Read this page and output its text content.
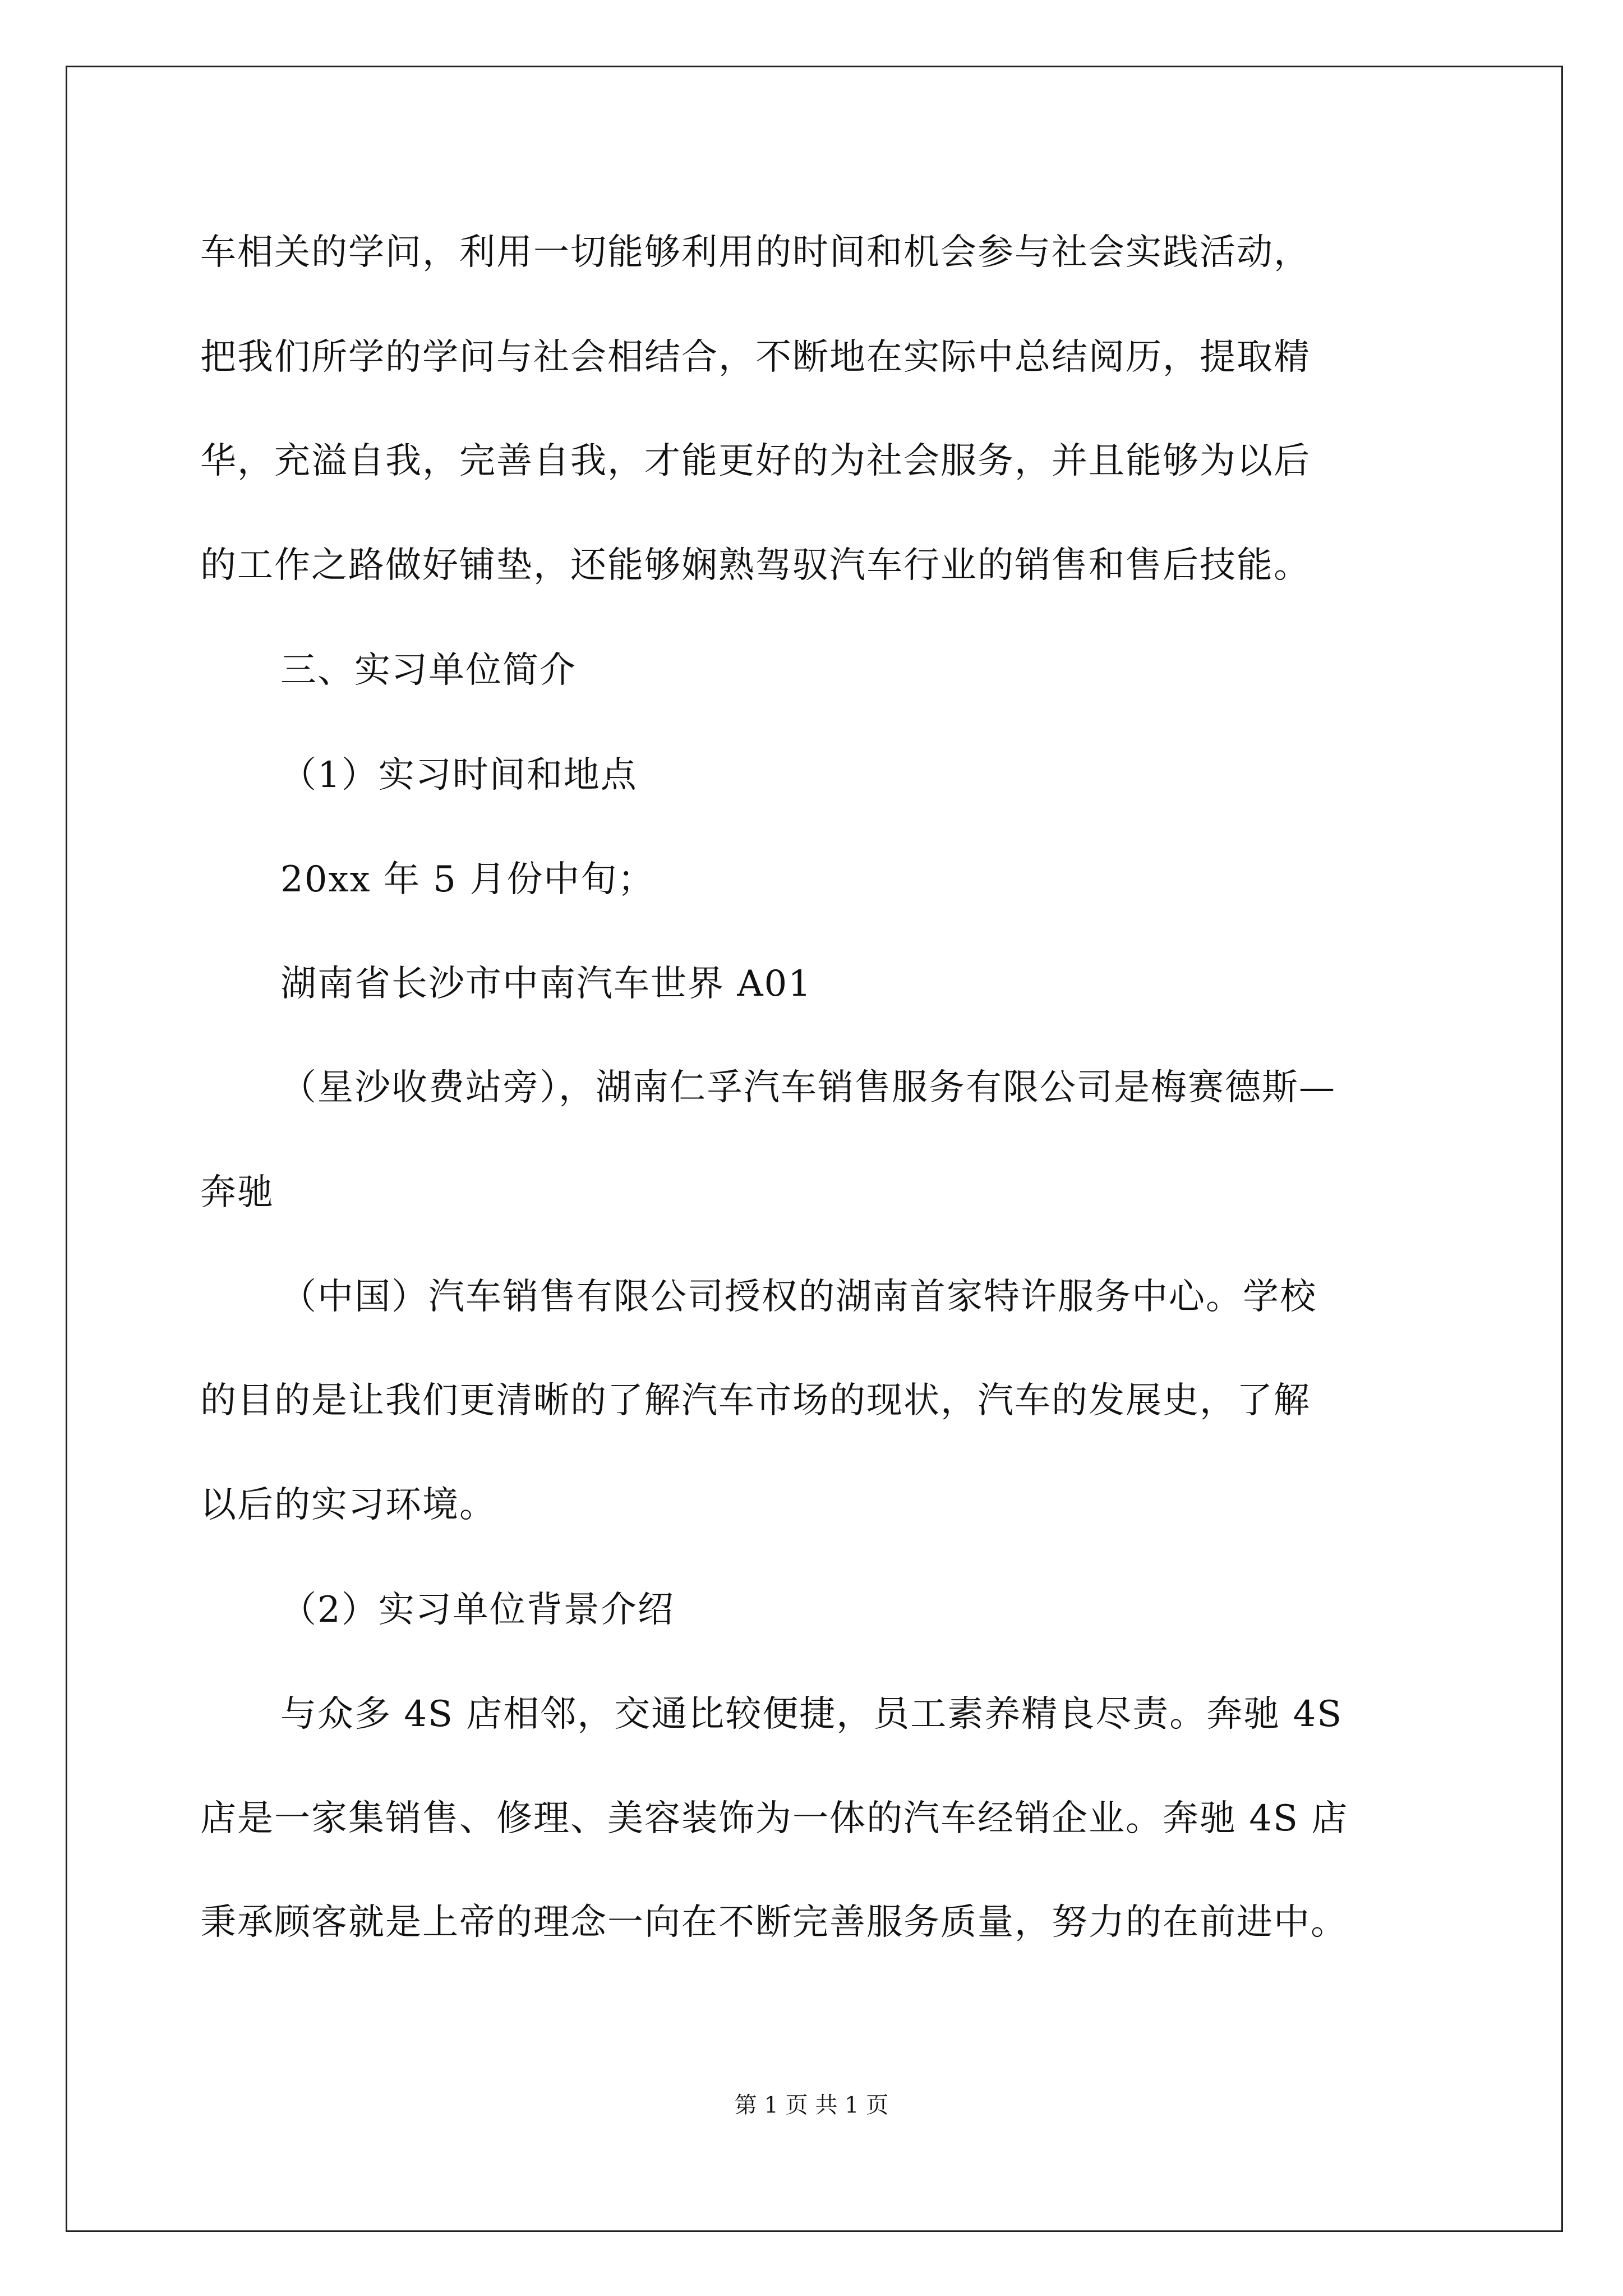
车相关的学问，利用一切能够利用的时间和机会参与社会实践活动，
把我们所学的学问与社会相结合，不断地在实际中总结阅历，提取精
华，充溢自我，完善自我，才能更好的为社会服务，并且能够为以后
的工作之路做好铺垫，还能够娴熟驾驭汽车行业的销售和售后技能。
三、实习单位简介
（1）实习时间和地点
20xx 年 5 月份中旬；
湖南省长沙市中南汽车世界 A01
（星沙收费站旁），湖南仁孚汽车销售服务有限公司是梅赛德斯—
奔驰
（中国）汽车销售有限公司授权的湖南首家特许服务中心。学校
的目的是让我们更清晰的了解汽车市场的现状，汽车的发展史，了解
以后的实习环境。
（2）实习单位背景介绍
与众多 4S 店相邻，交通比较便捷，员工素养精良尽责。奔驰 4S
店是一家集销售、修理、美容装饰为一体的汽车经销企业。奔驰 4S 店
秉承顾客就是上帝的理念一向在不断完善服务质量，努力的在前进中。
第 1 页 共 1 页
